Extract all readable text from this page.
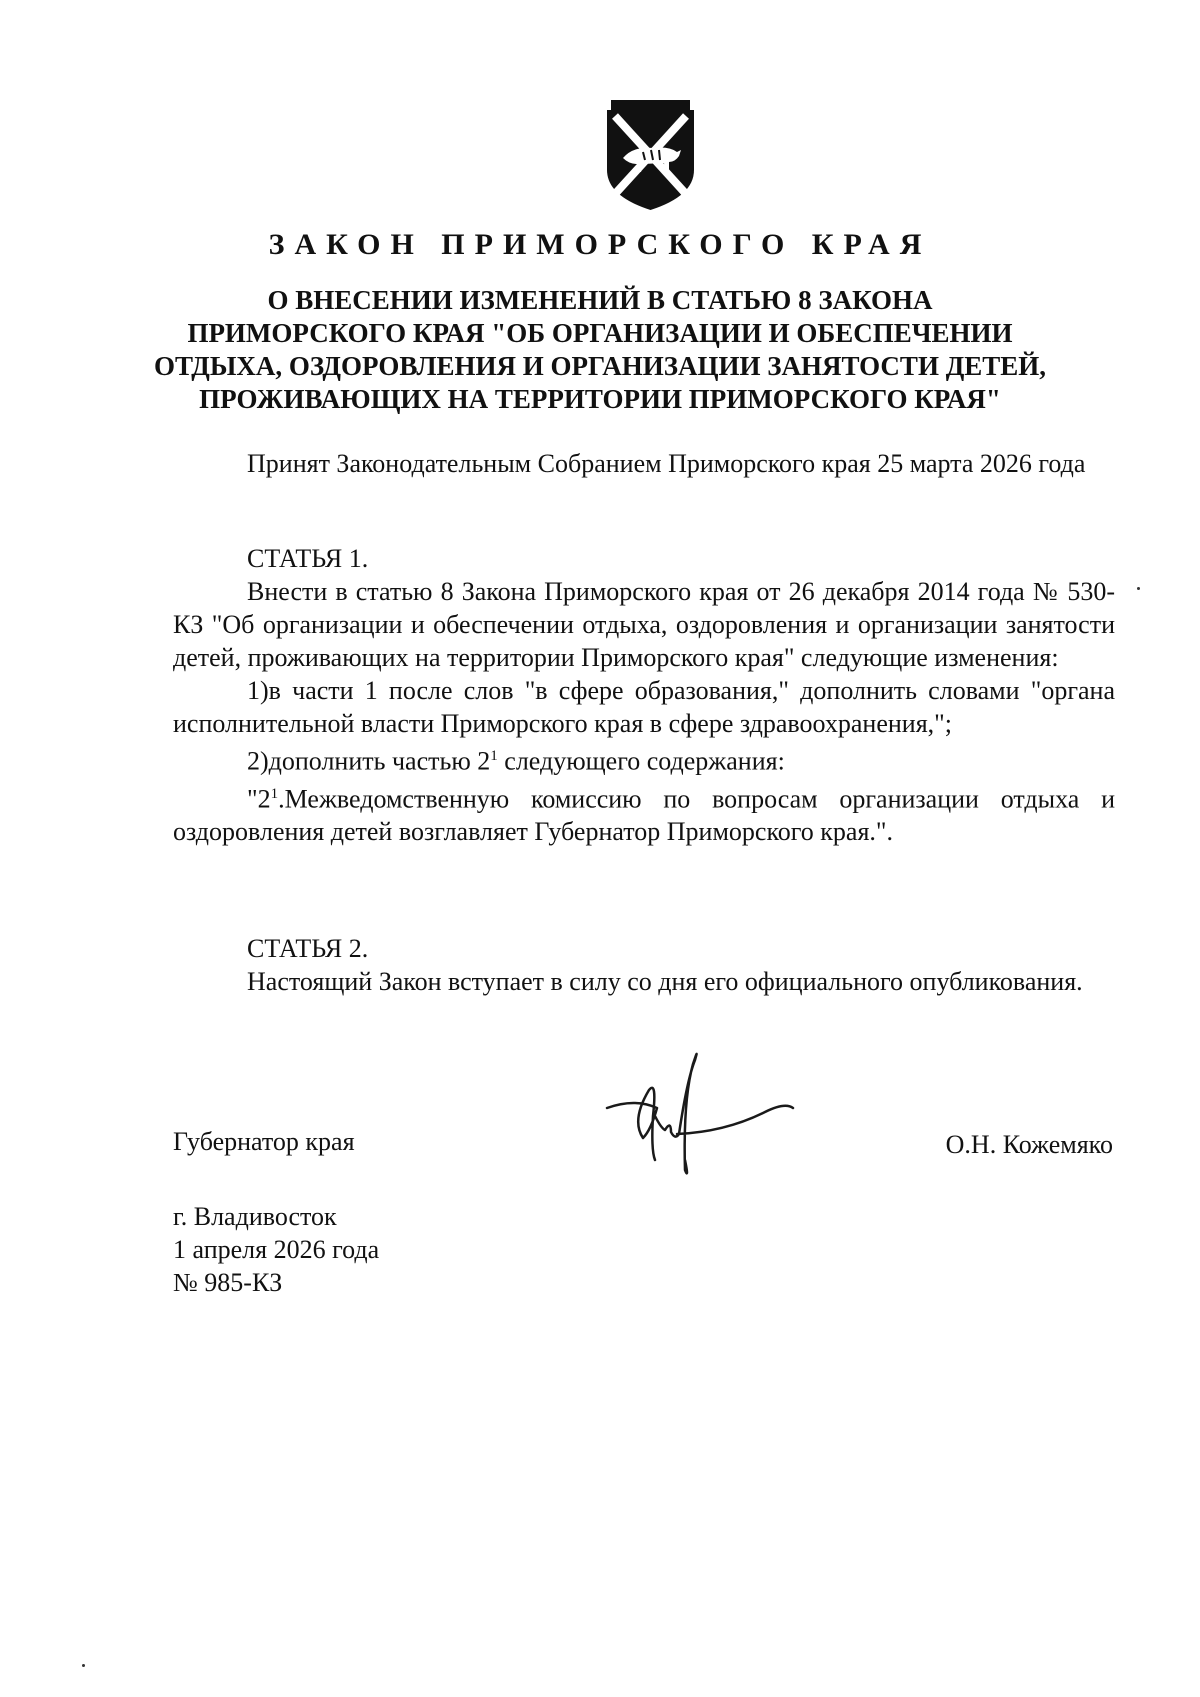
ЗАКОН ПРИМОРСКОГО КРАЯ
О ВНЕСЕНИИ ИЗМЕНЕНИЙ В СТАТЬЮ 8 ЗАКОНА
ПРИМОРСКОГО КРАЯ "ОБ ОРГАНИЗАЦИИ И ОБЕСПЕЧЕНИИ
ОТДЫХА, ОЗДОРОВЛЕНИЯ И ОРГАНИЗАЦИИ ЗАНЯТОСТИ ДЕТЕЙ,
ПРОЖИВАЮЩИХ НА ТЕРРИТОРИИ ПРИМОРСКОГО КРАЯ"

Принят Законодательным Собранием Приморского края 25 марта 2026 года

СТАТЬЯ 1.

Внести в статью 8 Закона Приморского края от 26 декабря 2014 года № 530-КЗ "Об организации и обеспечении отдыха, оздоровления и организации занятости детей, проживающих на территории Приморского края" следующие изменения:

1)в части 1 после слов "в сфере образования," дополнить словами "органа исполнительной власти Приморского края в сфере здравоохранения,";

2)дополнить частью $2^1$ следующего содержания:

"$2^1.Межведомственную$ комиссию по вопросам организации отдыха и оздоровления детей возглавляет Губернатор Приморского края.".

СТАТЬЯ 2.

Настоящий Закон вступает в силу со дня его официального опубликования.

Губернатор края	О.Н. Кожемяко
г. Владивосток
1 апреля 2026 года
№ 985-КЗ
